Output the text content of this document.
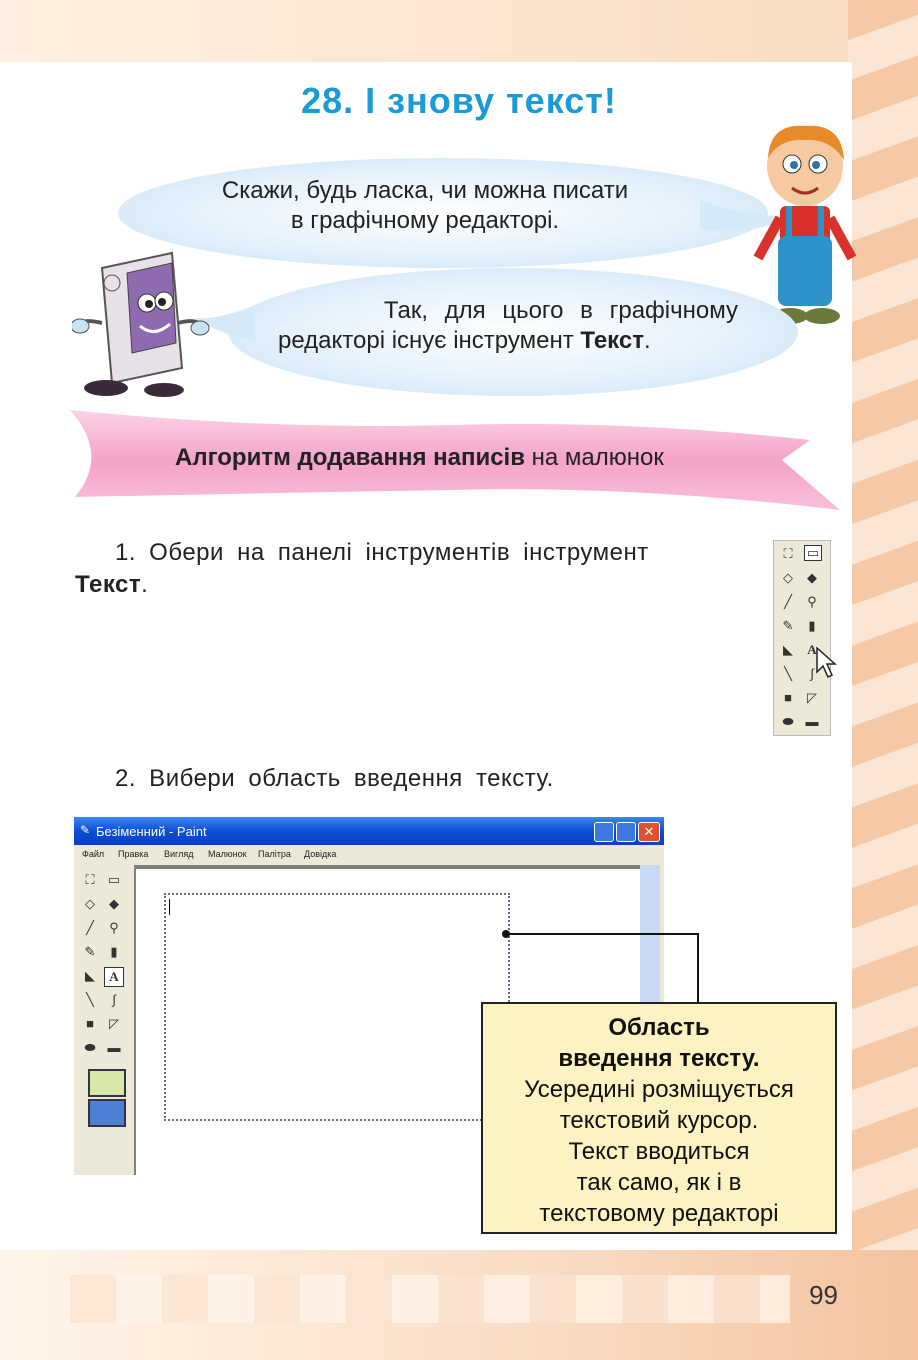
28. І знову текст!
Скажи, будь ласка, чи можна писати
в графічному редакторі.
Так, для цього в графічному
редакторі існує інструмент Текст.
Алгоритм додавання написів на малюнок
1. Обери на панелі інструментів інструмент
Текст.
⛶ ▭
◇ ◆
╱	⚲
✎	▮
◣ A
╲	∫
■	◸
⬬ ▬
2. Вибери область введення тексту.
✎ Безіменний - Paint	✕
Файл Правка Вигляд Малюнок Палітра Довідка
⛶ ▭
◇ ◆
╱	⚲
✎	▮
◣	A
╲	∫
■	◸
⬬ ▬
Область
введення тексту.
Усередині розміщується
текстовий курсор.
Текст вводиться
так само, як і в
текстовому редакторі
99
